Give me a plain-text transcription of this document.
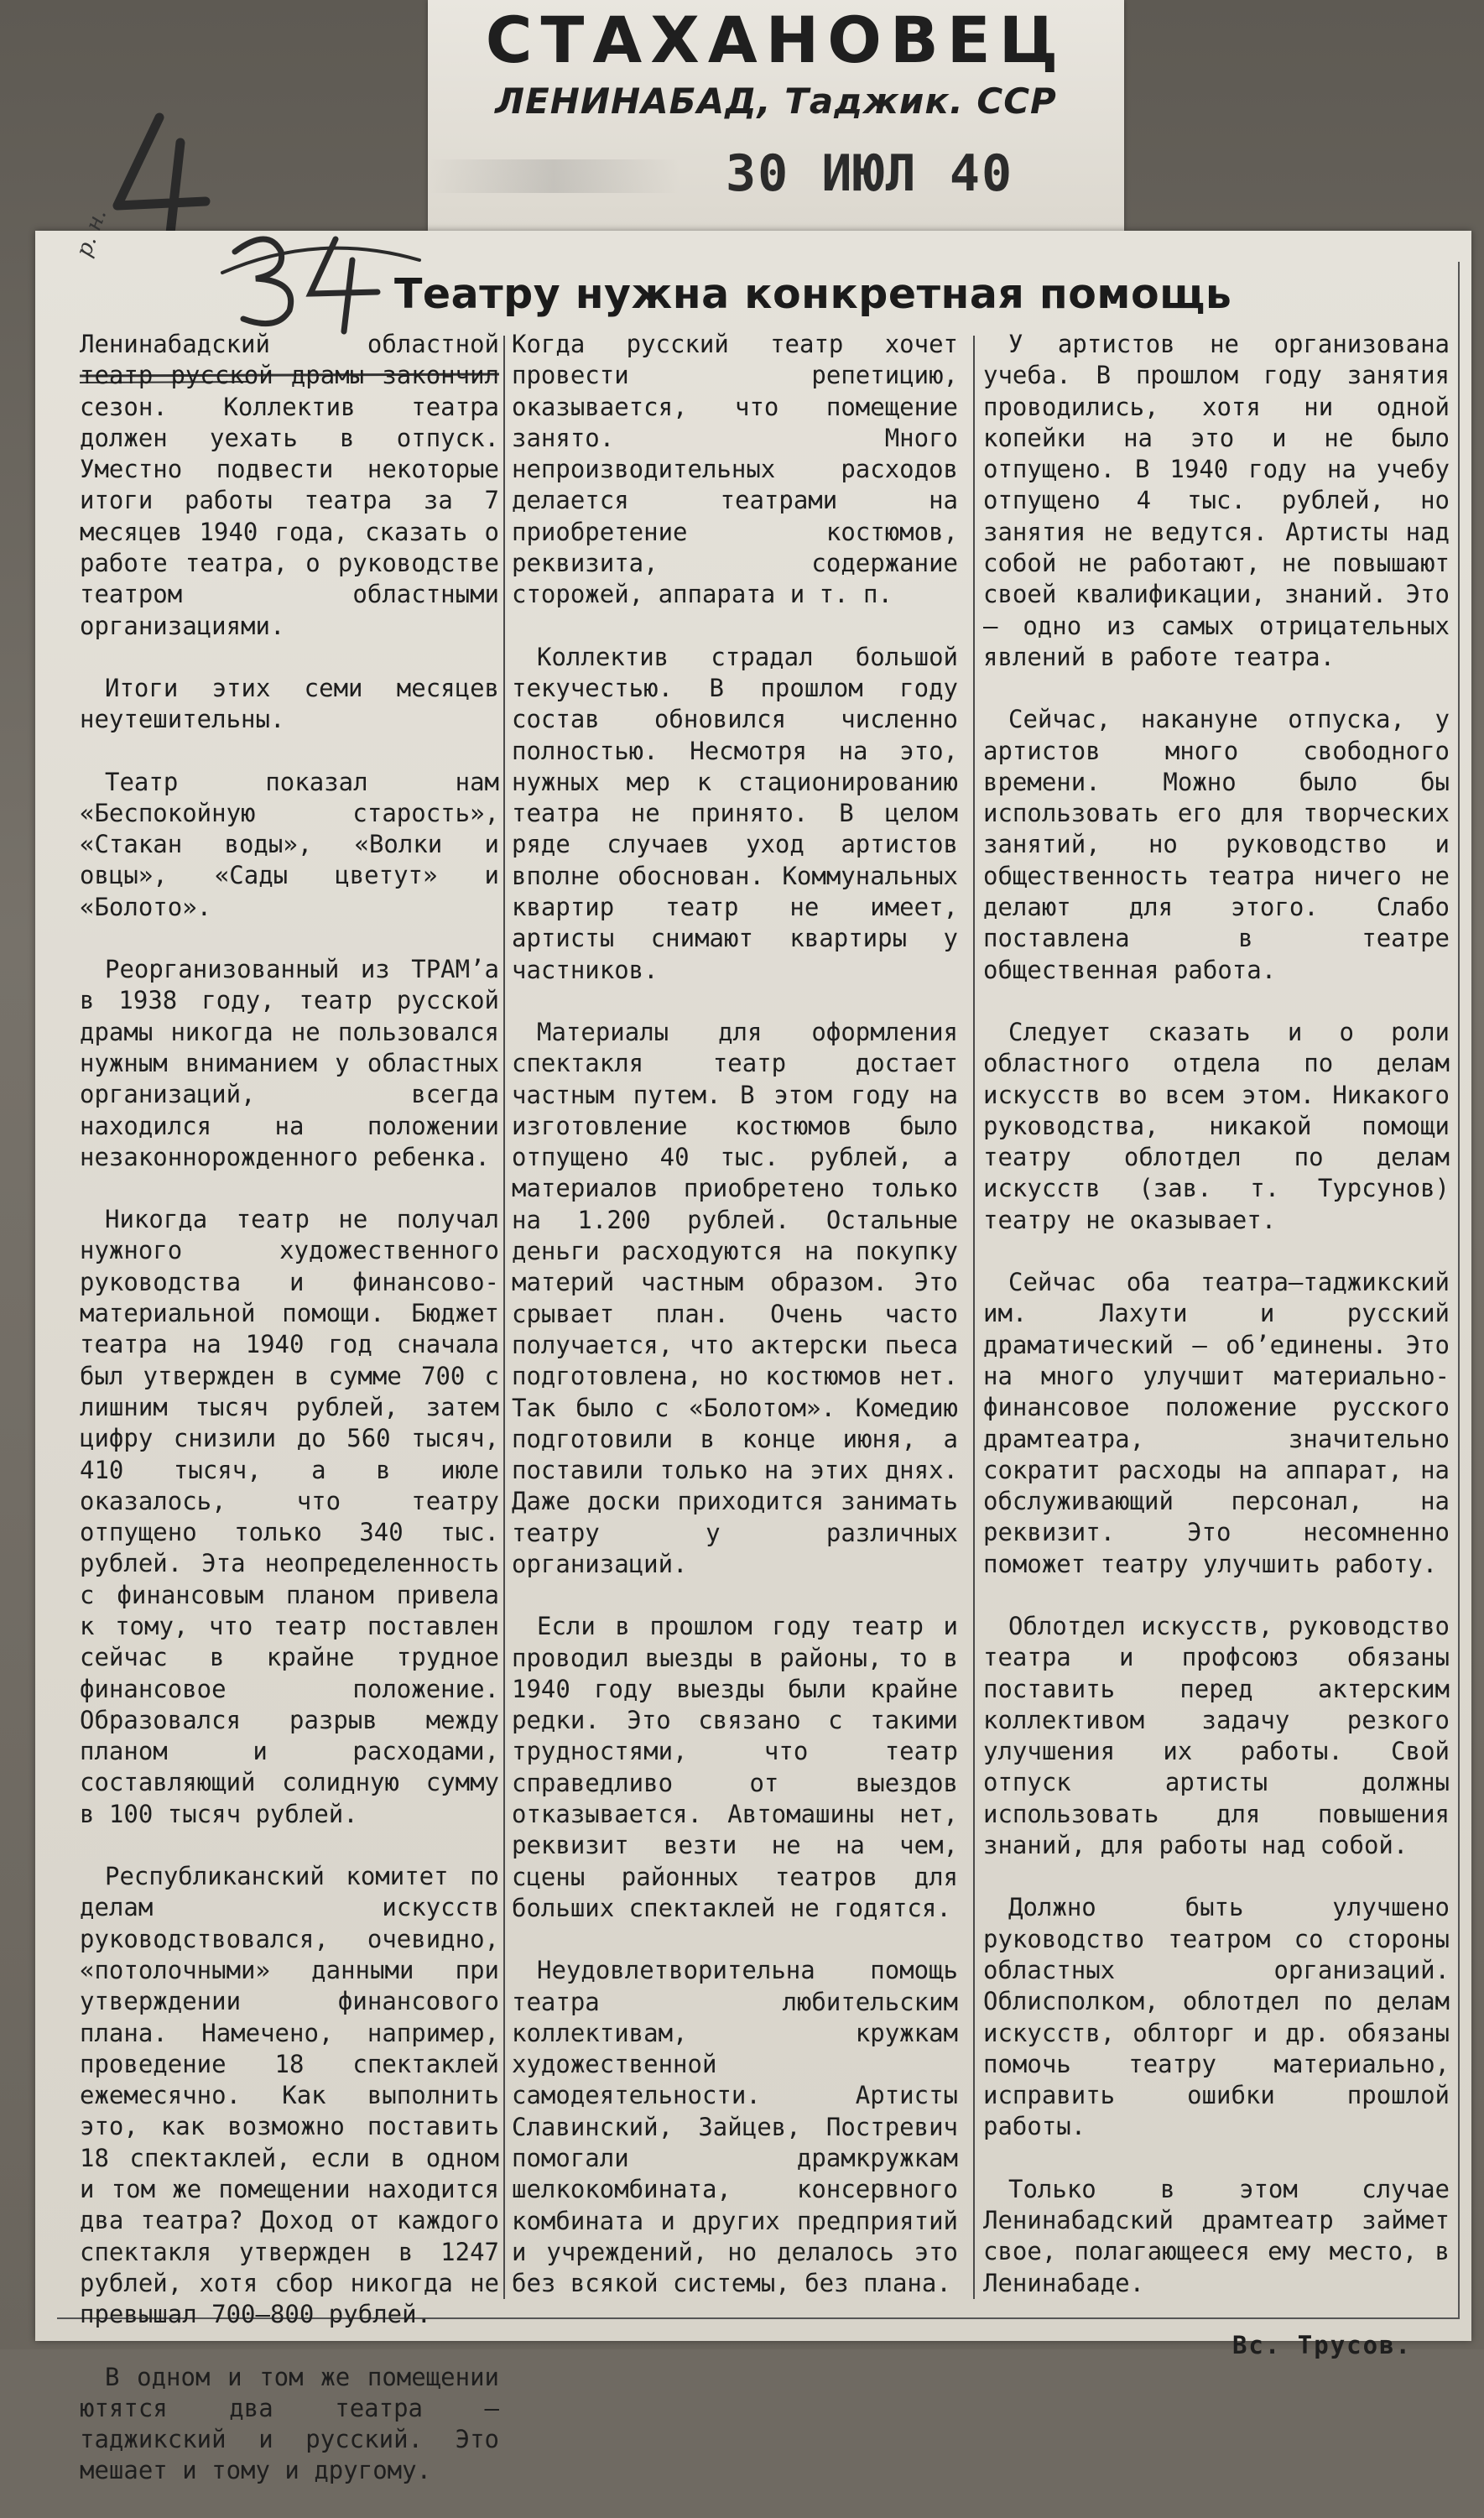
СТАХАНОВЕЦ
ЛЕНИНАБАД, Таджик. ССР
30 ИЮЛ 40
р. н.
Театру нужна конкретная помощь

Ленинабадский областной театр русской драмы закончил сезон. Коллектив театра должен уехать в отпуск. Уместно подвести некоторые итоги работы театра за 7 месяцев 1940 года, сказать о работе театра, о руководстве театром областными организациями.

Итоги этих семи месяцев неутешительны.

Театр показал нам «Беспокойную старость», «Стакан воды», «Волки и овцы», «Сады цветут» и «Болото».

Реорганизованный из ТРАМ’а в 1938 году, театр русской драмы никогда не пользовался нужным вниманием у областных организаций, всегда находился на положении незаконнорожденного ребенка.

Никогда театр не получал нужного художественного руководства и финансово-материальной помощи. Бюджет театра на 1940 год сначала был утвержден в сумме 700 с лишним тысяч рублей, затем цифру снизили до 560 тысяч, 410 тысяч, а в июле оказалось, что театру отпущено только 340 тыс. рублей. Эта неопределенность с финансовым планом привела к тому, что театр поставлен сейчас в крайне трудное финансовое положение. Образовался разрыв между планом и расходами, составляющий солидную сумму в 100 тысяч рублей.

Республиканский комитет по делам искусств руководствовался, очевидно, «потолочными» данными при утверждении финансового плана. Намечено, например, проведение 18 спектаклей ежемесячно. Как выполнить это, как возможно поставить 18 спектаклей, если в одном и том же помещении находится два театра? Доход от каждого спектакля утвержден в 1247 рублей, хотя сбор никогда не превышал 700—800 рублей.

В одном и том же помещении ютятся два театра — таджикский и русский. Это мешает и тому и другому.

Когда русский театр хочет провести репетицию, оказывается, что помещение занято. Много непроизводительных расходов делается театрами на приобретение костюмов, реквизита, содержание сторожей, аппарата и т. п.

Коллектив страдал большой текучестью. В прошлом году состав обновился численно полностью. Несмотря на это, нужных мер к стационированию театра не принято. В целом ряде случаев уход артистов вполне обоснован. Коммунальных квартир театр не имеет, артисты снимают квартиры у частников.

Материалы для оформления спектакля театр достает частным путем. В этом году на изготовление костюмов было отпущено 40 тыс. рублей, а материалов приобретено только на 1.200 рублей. Остальные деньги расходуются на покупку материй частным образом. Это срывает план. Очень часто получается, что актерски пьеса подготовлена, но костюмов нет. Так было с «Болотом». Комедию подготовили в конце июня, а поставили только на этих днях. Даже доски приходится занимать театру у различных организаций.

Если в прошлом году театр и проводил выезды в районы, то в 1940 году выезды были крайне редки. Это связано с такими трудностями, что театр справедливо от выездов отказывается. Автомашины нет, реквизит везти не на чем, сцены районных театров для больших спектаклей не годятся.

Неудовлетворительна помощь театра любительским коллективам, кружкам художественной самодеятельности. Артисты Славинский, Зайцев, Постревич помогали драмкружкам шелкокомбината, консервного комбината и других предприятий и учреждений, но делалось это без всякой системы, без плана.

У артистов не организована учеба. В прошлом году занятия проводились, хотя ни одной копейки на это и не было отпущено. В 1940 году на учебу отпущено 4 тыс. рублей, но занятия не ведутся. Артисты над собой не работают, не повышают своей квалификации, знаний. Это — одно из самых отрицательных явлений в работе театра.

Сейчас, накануне отпуска, у артистов много свободного времени. Можно было бы использовать его для творческих занятий, но руководство и общественность театра ничего не делают для этого. Слабо поставлена в театре общественная работа.

Следует сказать и о роли областного отдела по делам искусств во всем этом. Никакого руководства, никакой помощи театру облотдел по делам искусств (зав. т. Турсунов) театру не оказывает.

Сейчас оба театра—таджикский им. Лахути и русский драматический — об’единены. Это на много улучшит материально-финансовое положение русского драмтеатра, значительно сократит расходы на аппарат, на обслуживающий персонал, на реквизит. Это несомненно поможет театру улучшить работу.

Облотдел искусств, руководство театра и профсоюз обязаны поставить перед актерским коллективом задачу резкого улучшения их работы. Свой отпуск артисты должны использовать для повышения знаний, для работы над собой.

Должно быть улучшено руководство театром со стороны областных организаций. Облисполком, облотдел по делам искусств, облторг и др. обязаны помочь театру материально, исправить ошибки прошлой работы.

Только в этом случае Ленинабадский драмтеатр займет свое, полагающееся ему место, в Ленинабаде.

Вс. Трусов.
